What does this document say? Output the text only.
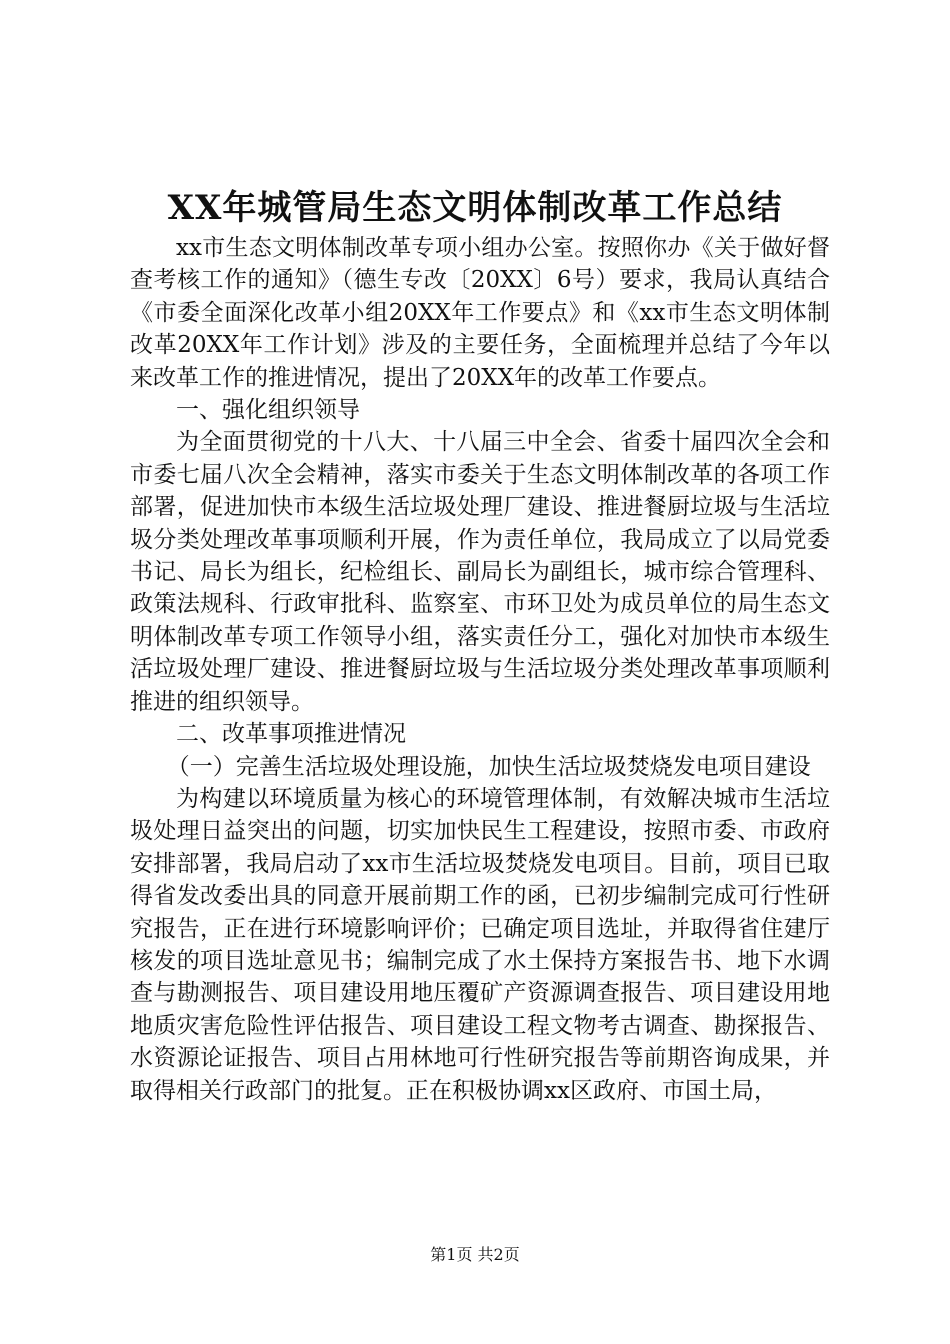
XX年城管局生态文明体制改革工作总结

xx市生态文明体制改革专项小组办公室。按照你办《关于做好督查考核工作的通知》（德生专改〔20XX〕6号）要求，我局认真结合《市委全面深化改革小组20XX年工作要点》和《xx市生态文明体制改革20XX年工作计划》涉及的主要任务，全面梳理并总结了今年以来改革工作的推进情况，提出了20XX年的改革工作要点。

一、强化组织领导

为全面贯彻党的十八大、十八届三中全会、省委十届四次全会和市委七届八次全会精神，落实市委关于生态文明体制改革的各项工作部署，促进加快市本级生活垃圾处理厂建设、推进餐厨垃圾与生活垃圾分类处理改革事项顺利开展，作为责任单位，我局成立了以局党委书记、局长为组长，纪检组长、副局长为副组长，城市综合管理科、政策法规科、行政审批科、监察室、市环卫处为成员单位的局生态文明体制改革专项工作领导小组，落实责任分工，强化对加快市本级生活垃圾处理厂建设、推进餐厨垃圾与生活垃圾分类处理改革事项顺利推进的组织领导。

二、改革事项推进情况

（一）完善生活垃圾处理设施，加快生活垃圾焚烧发电项目建设

为构建以环境质量为核心的环境管理体制，有效解决城市生活垃圾处理日益突出的问题，切实加快民生工程建设，按照市委、市政府安排部署，我局启动了xx市生活垃圾焚烧发电项目。目前，项目已取得省发改委出具的同意开展前期工作的函，已初步编制完成可行性研究报告，正在进行环境影响评价；已确定项目选址，并取得省住建厅核发的项目选址意见书；编制完成了水土保持方案报告书、地下水调查与勘测报告、项目建设用地压覆矿产资源调查报告、项目建设用地地质灾害危险性评估报告、项目建设工程文物考古调查、勘探报告、水资源论证报告、项目占用林地可行性研究报告等前期咨询成果，并取得相关行政部门的批复。正在积极协调xx区政府、市国土局，

第1页 共2页
